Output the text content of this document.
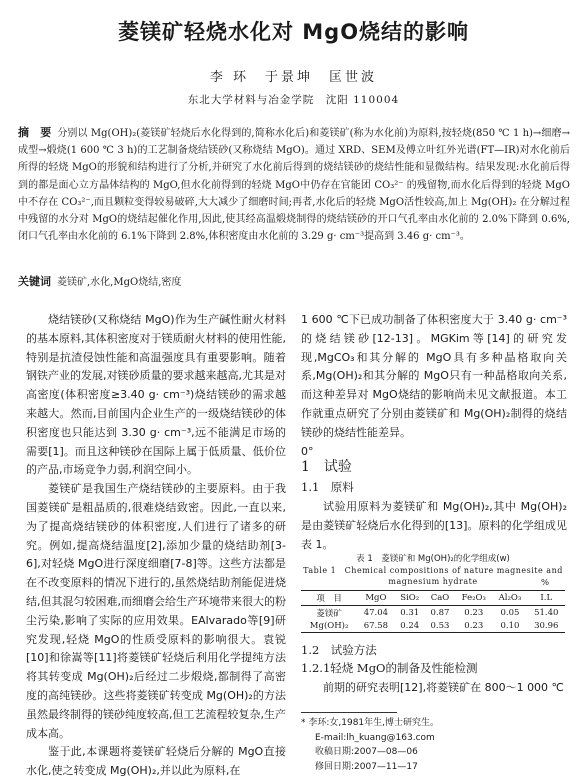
菱镁矿轻烧水化对 MgO烧结的影响
李 环　于景坤　匡世波
东北大学材料与冶金学院　沈阳 110004
摘　要 分别以 Mg(OH)₂(菱镁矿轻烧后水化得到的,简称水化后)和菱镁矿(称为水化前)为原料,按轻烧(850 ℃ 1 h)→细磨→成型→煅烧(1 600 ℃ 3 h)的工艺制备烧结镁砂(又称烧结 MgO)。通过 XRD、SEM及傅立叶红外光谱(FT—IR)对水化前后所得的轻烧 MgO的形貌和结构进行了分析,并研究了水化前后得到的烧结镁砂的烧结性能和显微结构。结果发现:水化前后得到的都是面心立方晶体结构的 MgO,但水化前得到的轻烧 MgO中仍存在官能团 CO₃²⁻ 的残留物,而水化后得到的轻烧 MgO中不存在 CO₃²⁻,而且颗粒变得较易破碎,大大减少了细磨时间;再者,水化后的轻烧 MgO活性较高,加上 Mg(OH)₂ 在分解过程中残留的水分对 MgO的烧结起催化作用,因此,使其经高温煅烧制得的烧结镁砂的开口气孔率由水化前的 2.0%下降到 0.6%,闭口气孔率由水化前的 6.1%下降到 2.8%,体积密度由水化前的 3.29 g· cm⁻³提高到 3.46 g· cm⁻³。
关键词 菱镁矿,水化,MgO烧结,密度

烧结镁砂(又称烧结 MgO)作为生产碱性耐火材料的基本原料,其体积密度对于镁质耐火材料的使用性能,特别是抗渣侵蚀性能和高温强度具有重要影响。随着钢铁产业的发展,对镁砂质量的要求越来越高,尤其是对高密度(体积密度≥3.40 g· cm⁻³)烧结镁砂的需求越来越大。然而,目前国内企业生产的一级烧结镁砂的体积密度也只能达到 3.30 g· cm⁻³,远不能满足市场的需要[1]。而且这种镁砂在国际上属于低质量、低价位的产品,市场竞争力弱,利润空间小。

菱镁矿是我国生产烧结镁砂的主要原料。由于我国菱镁矿是粗晶质的,很难烧结致密。因此,一直以来,为了提高烧结镁砂的体积密度,人们进行了诸多的研究。例如,提高烧结温度[2],添加少量的烧结助剂[3-6],对轻烧 MgO进行深度细磨[7-8]等。这些方法都是在不改变原料的情况下进行的,虽然烧结助剂能促进烧结,但其混匀较困难,而细磨会给生产环境带来很大的粉尘污染,影响了实际的应用效果。EAlvarado等[9]研究发现,轻烧 MgO的性质受原料的影响很大。袁锐[10]和徐嵩等[11]将菱镁矿轻烧后利用化学提纯方法将其转变成 Mg(OH)₂后经过二步煅烧,都制得了高密度的高纯镁砂。这些将菱镁矿转变成 Mg(OH)₂的方法虽然最终制得的镁砂纯度较高,但工艺流程较复杂,生产成本高。

鉴于此,本课题将菱镁矿轻烧后分解的 MgO直接水化,使之转变成 Mg(OH)₂,并以此为原料,在

1 600 ℃下已成功制备了体积密度大于 3.40 g· cm⁻³的烧结镁砂[12-13]。MGKim等[14]的研究发现,MgCO₃和其分解的 MgO具有多种晶格取向关系,Mg(OH)₂和其分解的 MgO只有一种晶格取向关系,而这种差异对 MgO烧结的影响尚未见文献报道。本工作就重点研究了分别由菱镁矿和 Mg(OH)₂制得的烧结镁砂的烧结性能差异。

0°
1　试验
1.1　原料

试验用原料为菱镁矿和 Mg(OH)₂,其中 Mg(OH)₂是由菱镁矿轻烧后水化得到的[13]。原料的化学组成见表 1。

表 1　菱镁矿和 Mg(OH)₂的化学组成(w)
Table 1　Chemical compositions of nature magnesite and magnesium hydrate	%
项　目	MgO	SiO₂	CaO	Fe₂O₃	Al₂O₃	I.L
菱镁矿	47.04	0.31	0.87	0.23	0.05	51.40
Mg(OH)₂	67.58	0.24	0.53	0.23	0.10	30.96
1.2　试验方法
1.2.1轻烧 MgO的制备及性能检测

前期的研究表明[12],将菱镁矿在 800～1 000 ℃

* 李环:女,1981年生,博士研究生。
E-mail:lh_kuang@163.com
收稿日期:2007—08—06
修回日期:2007—11—17
